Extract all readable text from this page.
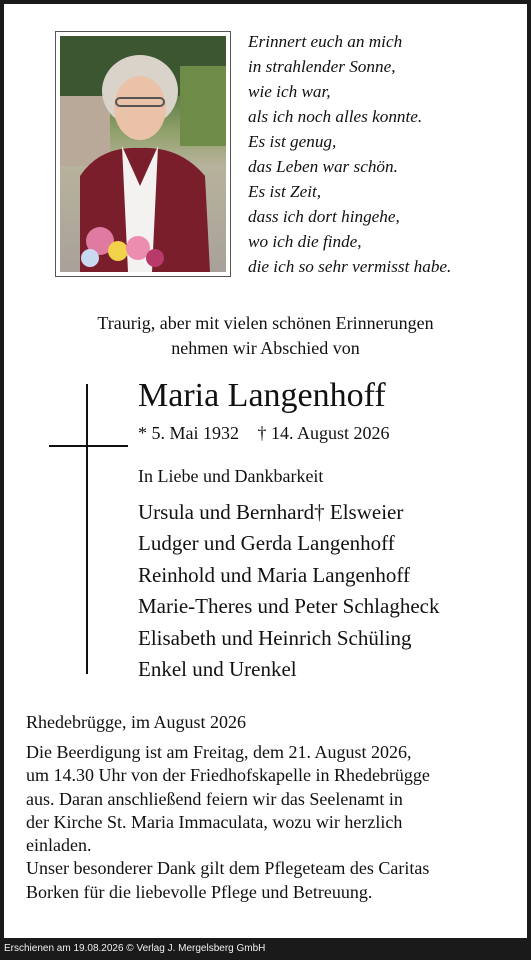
Erinnert euch an mich
in strahlender Sonne,
wie ich war,
als ich noch alles konnte.
Es ist genug,
das Leben war schön.
Es ist Zeit,
dass ich dort hingehe,
wo ich die finde,
die ich so sehr vermisst habe.
Traurig, aber mit vielen schönen Erinnerungen
nehmen wir Abschied von
Maria Langenhoff
* 5. Mai 1932 † 14. August 2026
In Liebe und Dankbarkeit
Ursula und Bernhard† Elsweier
Ludger und Gerda Langenhoff
Reinhold und Maria Langenhoff
Marie-Theres und Peter Schlagheck
Elisabeth und Heinrich Schüling
Enkel und Urenkel
Rhedebrügge, im August 2026
Die Beerdigung ist am Freitag, dem 21. August 2026,
um 14.30 Uhr von der Friedhofskapelle in Rhedebrügge
aus. Daran anschließend feiern wir das Seelenamt in
der Kirche St. Maria Immaculata, wozu wir herzlich
einladen.
Unser besonderer Dank gilt dem Pflegeteam des Caritas
Borken für die liebevolle Pflege und Betreuung.
Erschienen am 19.08.2026 © Verlag J. Mergelsberg GmbH
